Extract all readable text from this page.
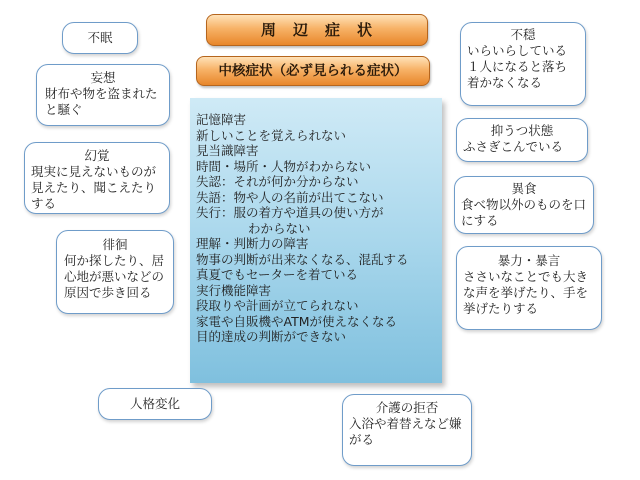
周　辺　症　状
中核症状（必ず見られる症状）
記憶障害
新しいことを覚えられない
見当識障害
時間・場所・人物がわからない
失認：それが何か分からない
失語：物や人の名前が出てこない
失行：服の着方や道具の使い方が
わからない
理解・判断力の障害
物事の判断が出来なくなる、混乱する
真夏でもセーターを着ている
実行機能障害
段取りや計画が立てられない
家電や自販機やATMが使えなくなる
目的達成の判断ができない
不眠
妄想
財布や物を盗まれたと騒ぐ
幻覚
現実に見えないものが見えたり、聞こえたりする
徘徊
何か探したり、居心地が悪いなどの原因で歩き回る
人格変化
不穏
いらいらしている１人になると落ち着かなくなる
抑うつ状態
ふさぎこんでいる
異食
食べ物以外のものを口にする
暴力・暴言
ささいなことでも大きな声を挙げたり、手を挙げたりする
介護の拒否
入浴や着替えなど嫌がる
